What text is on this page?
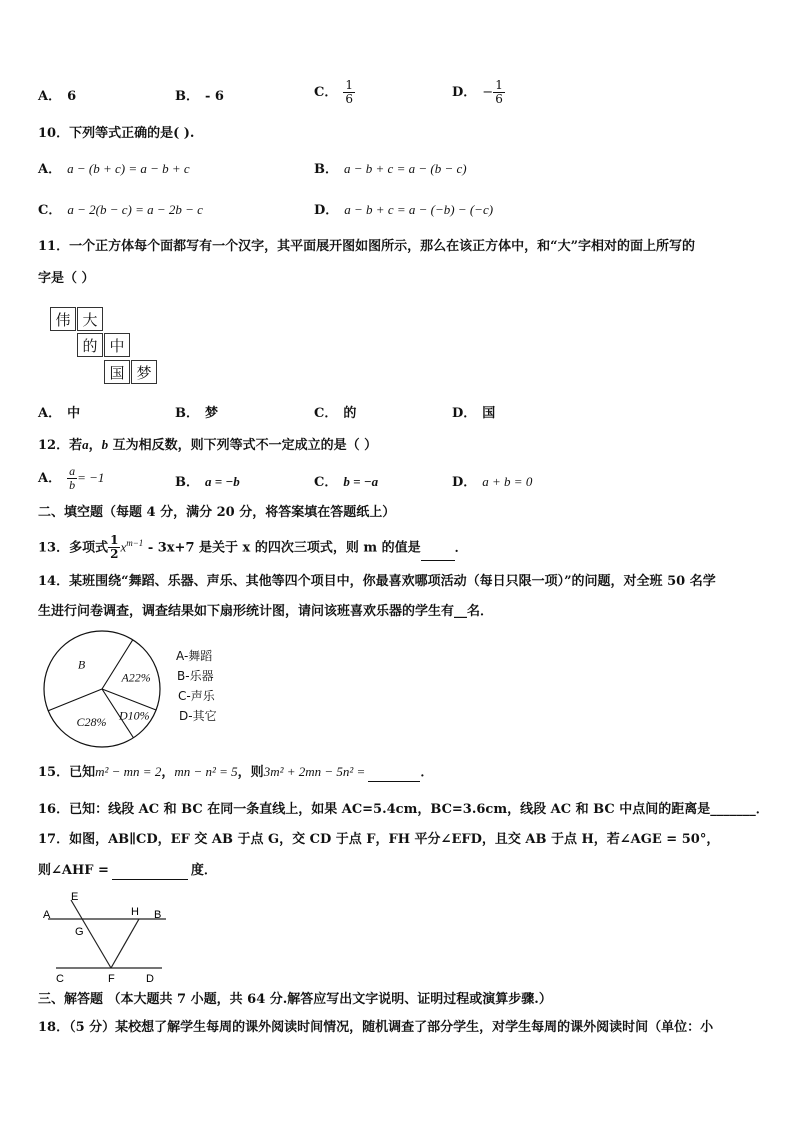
A． 6	B． - 6	C． $\frac{1}{6}$	D． − $\frac{1}{6}$
10．下列等式正确的是( ).
A． a − (b + c) = a − b + c	B． a − b + c = a − (b − c)
C． a − 2(b − c) = a − 2b − c	D． a − b + c = a − (−b) − (−c)
11．一个正方体每个面都写有一个汉字，其平面展开图如图所示，那么在该正方体中，和“大”字相对的面上所写的
字是（ ）
伟 大
的 中
国 梦
A． 中	B． 梦	C． 的	D． 国
12．若a，b 互为相反数，则下列等式不一定成立的是（ ）
A． $\frac{a}{b} = -1$	B． a = −b	C． b = −a	D． a + b = 0
二、填空题（每题 4 分，满分 20 分，将答案填在答题纸上）
13．多项式 $\frac{1}{2} x^{m-1} - 3x+7$ 是关于 x 的四次三项式，则 m 的值是	．
14．某班围绕“舞蹈、乐器、声乐、其他等四个项目中，你最喜欢哪项活动（每日只限一项）”的问题，对全班 50 名学
生进行问卷调查，调查结果如下扇形统计图，请问该班喜欢乐器的学生有__名．
A22%
D10%
C28%
B
A-舞蹈
B-乐器
C-声乐
D-其它
15．已知m² − mn = 2，mn − n² = 5，则3m² + 2mn − 5n² =	．
16．已知：线段 AC 和 BC 在同一条直线上，如果 AC=5.4cm，BC=3.6cm，线段 AC 和 BC 中点间的距离是_______．
17．如图，AB∥CD，EF 交 AB 于点 G，交 CD 于点 F，FH 平分∠EFD，且交 AB 于点 H，若∠AGE = 50°，
则∠AHF =	度．
A
E
H B
G
C	F	D
三、解答题 （本大题共 7 小题，共 64 分.解答应写出文字说明、证明过程或演算步骤.）
18．（5 分）某校想了解学生每周的课外阅读时间情况，随机调查了部分学生，对学生每周的课外阅读时间（单位：小
